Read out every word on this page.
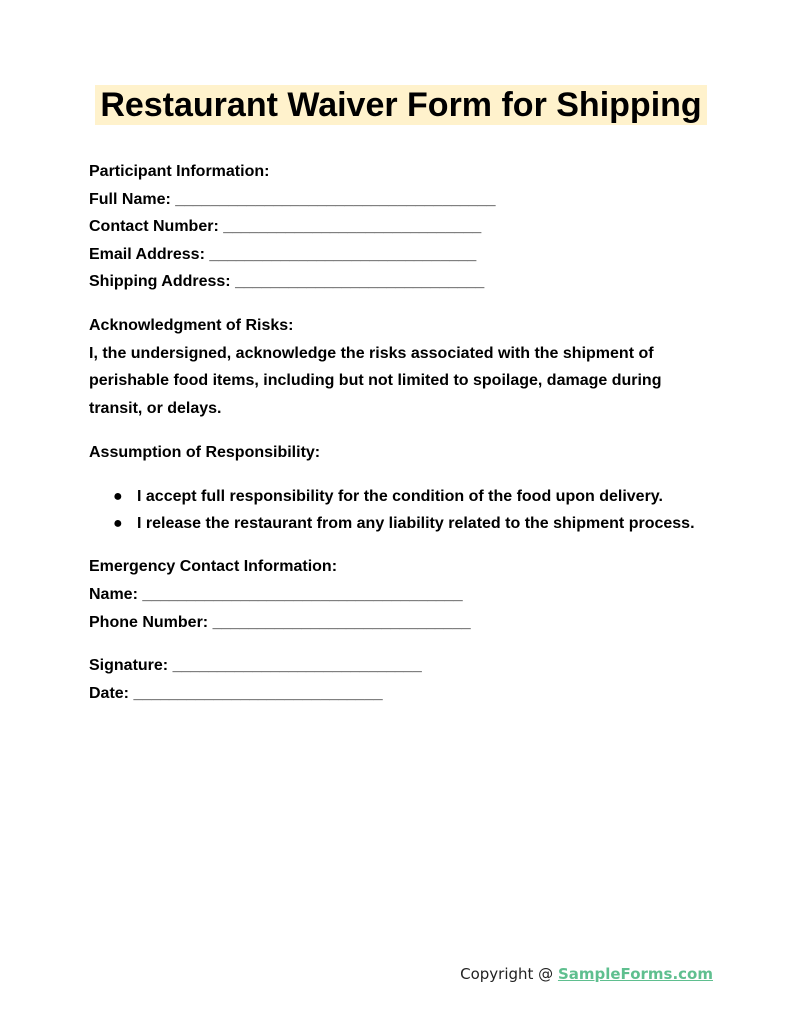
Restaurant Waiver Form for Shipping
Participant Information:
Full Name: ____________________________________
Contact Number: _____________________________
Email Address: ______________________________
Shipping Address: ____________________________
Acknowledgment of Risks:
I, the undersigned, acknowledge the risks associated with the shipment of perishable food items, including but not limited to spoilage, damage during transit, or delays.
Assumption of Responsibility:
● I accept full responsibility for the condition of the food upon delivery.
● I release the restaurant from any liability related to the shipment process.
Emergency Contact Information:
Name: ____________________________________
Phone Number: _____________________________
Signature: ____________________________
Date: ____________________________
Copyright @ SampleForms.com
